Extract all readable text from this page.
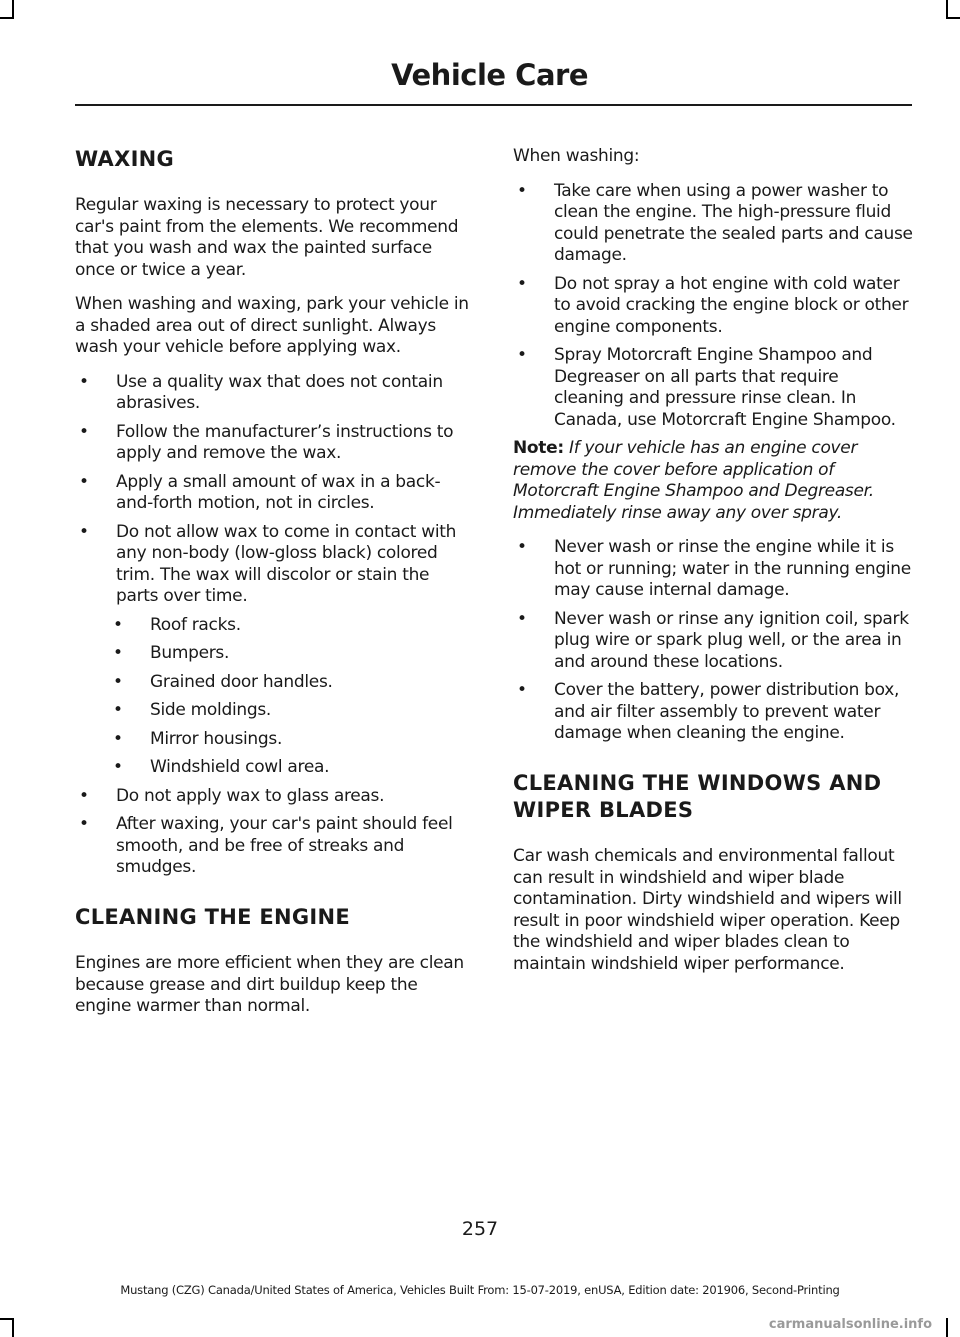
Vehicle Care
WAXING

Regular waxing is necessary to protect your car's paint from the elements. We recommend that you wash and wax the painted surface once or twice a year.

When washing and waxing, park your vehicle in a shaded area out of direct sunlight. Always wash your vehicle before applying wax.

• Use a quality wax that does not contain abrasives.
• Follow the manufacturer’s instructions to apply and remove the wax.
• Apply a small amount of wax in a back-and-forth motion, not in circles.
• Do not allow wax to come in contact with any non-body (low-gloss black) colored trim. The wax will discolor or stain the parts over time.
• Roof racks.
• Bumpers.
• Grained door handles.
• Side moldings.
• Mirror housings.
• Windshield cowl area.
• Do not apply wax to glass areas.
• After waxing, your car's paint should feel smooth, and be free of streaks and smudges.
CLEANING THE ENGINE

Engines are more efficient when they are clean because grease and dirt buildup keep the engine warmer than normal.

When washing:

• Take care when using a power washer to clean the engine. The high-pressure fluid could penetrate the sealed parts and cause damage.
• Do not spray a hot engine with cold water to avoid cracking the engine block or other engine components.
• Spray Motorcraft Engine Shampoo and Degreaser on all parts that require cleaning and pressure rinse clean. In Canada, use Motorcraft Engine Shampoo.

Note: If your vehicle has an engine cover remove the cover before application of Motorcraft Engine Shampoo and Degreaser. Immediately rinse away any over spray.

• Never wash or rinse the engine while it is hot or running; water in the running engine may cause internal damage.
• Never wash or rinse any ignition coil, spark plug wire or spark plug well, or the area in and around these locations.
• Cover the battery, power distribution box, and air filter assembly to prevent water damage when cleaning the engine.
CLEANING THE WINDOWS AND
WIPER BLADES

Car wash chemicals and environmental fallout can result in windshield and wiper blade contamination. Dirty windshield and wipers will result in poor windshield wiper operation. Keep the windshield and wiper blades clean to maintain windshield wiper performance.

257
Mustang (CZG) Canada/United States of America, Vehicles Built From: 15-07-2019, enUSA, Edition date: 201906, Second-Printing
carmanualsonline.info
